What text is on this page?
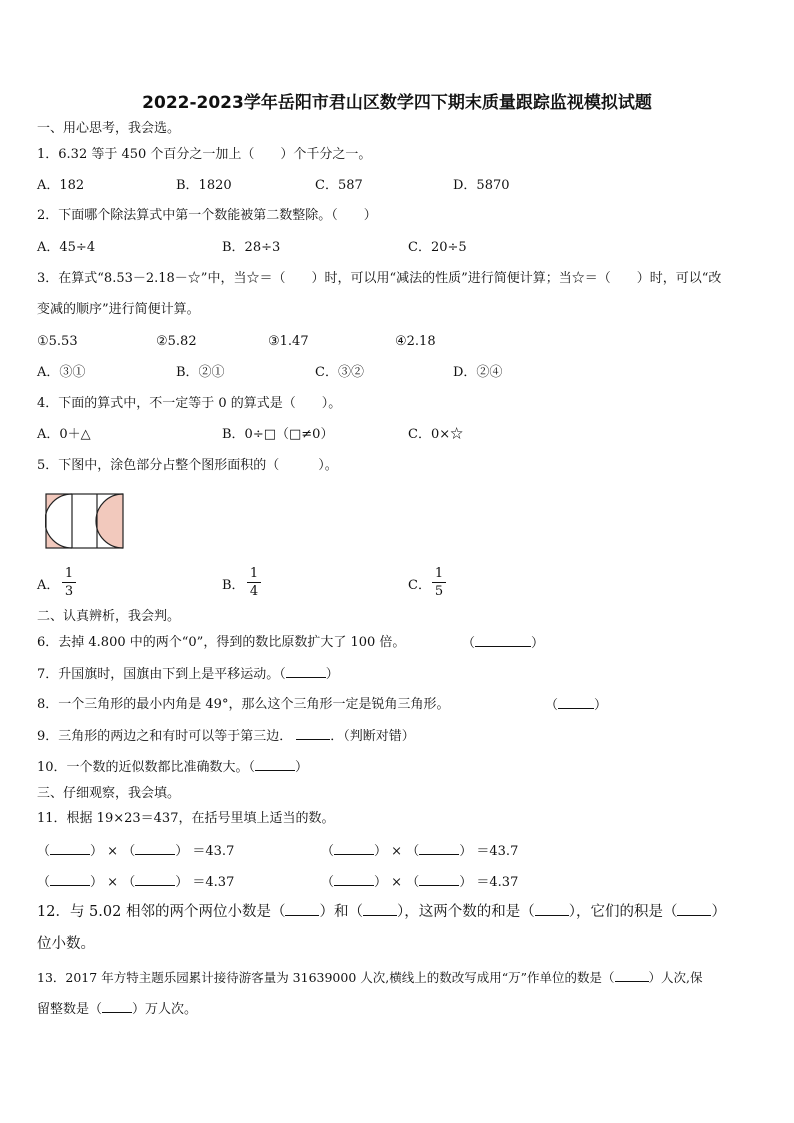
2022-2023学年岳阳市君山区数学四下期末质量跟踪监视模拟试题
一、用心思考，我会选。
1．6.32 等于 450 个百分之一加上（　　）个千分之一。
A．182	B．1820	C．587	D．5870
2．下面哪个除法算式中第一个数能被第二数整除。（　　）
A．45÷4	B．28÷3	C．20÷5
3．在算式“8.53－2.18－☆”中，当☆＝（　　）时，可以用“减法的性质”进行简便计算；当☆＝（　　）时，可以“改
变减的顺序”进行简便计算。
①5.53	②5.82	③1.47	④2.18
A．③①	B．②①	C．③②	D．②④
4．下面的算式中，不一定等于 0 的算式是（　　）。
A．0＋△	B．0÷□（□≠0）	C．0×☆
5．下图中，涂色部分占整个图形面积的（　　　）。
A．
1
3	B．
1
4	C．
1
5
二、认真辨析，我会判。
6．去掉 4.800 中的两个“0”，得到的数比原数扩大了 100 倍。	（	）
7．升国旗时，国旗由下到上是平移运动。（	）
8．一个三角形的最小内角是 49°，那么这个三角形一定是锐角三角形。	（	）
9．三角形的两边之和有时可以等于第三边．	．（判断对错）
10．一个数的近似数都比准确数大。（	）
三、仔细观察，我会填。
11．根据 19×23＝437，在括号里填上适当的数。
（	） × （	） ＝43.7	（	） × （	） ＝43.7
（	） × （	） ＝4.37	（	） × （	） ＝4.37
12．与 5.02 相邻的两个两位小数是（ ）和（ ），这两个数的和是（ ），它们的积是（ ）
位小数。
13．2017 年方特主题乐园累计接待游客量为 31639000 人次,横线上的数改写成用“万”作单位的数是（	）人次,保
留整数是（ ）万人次。
